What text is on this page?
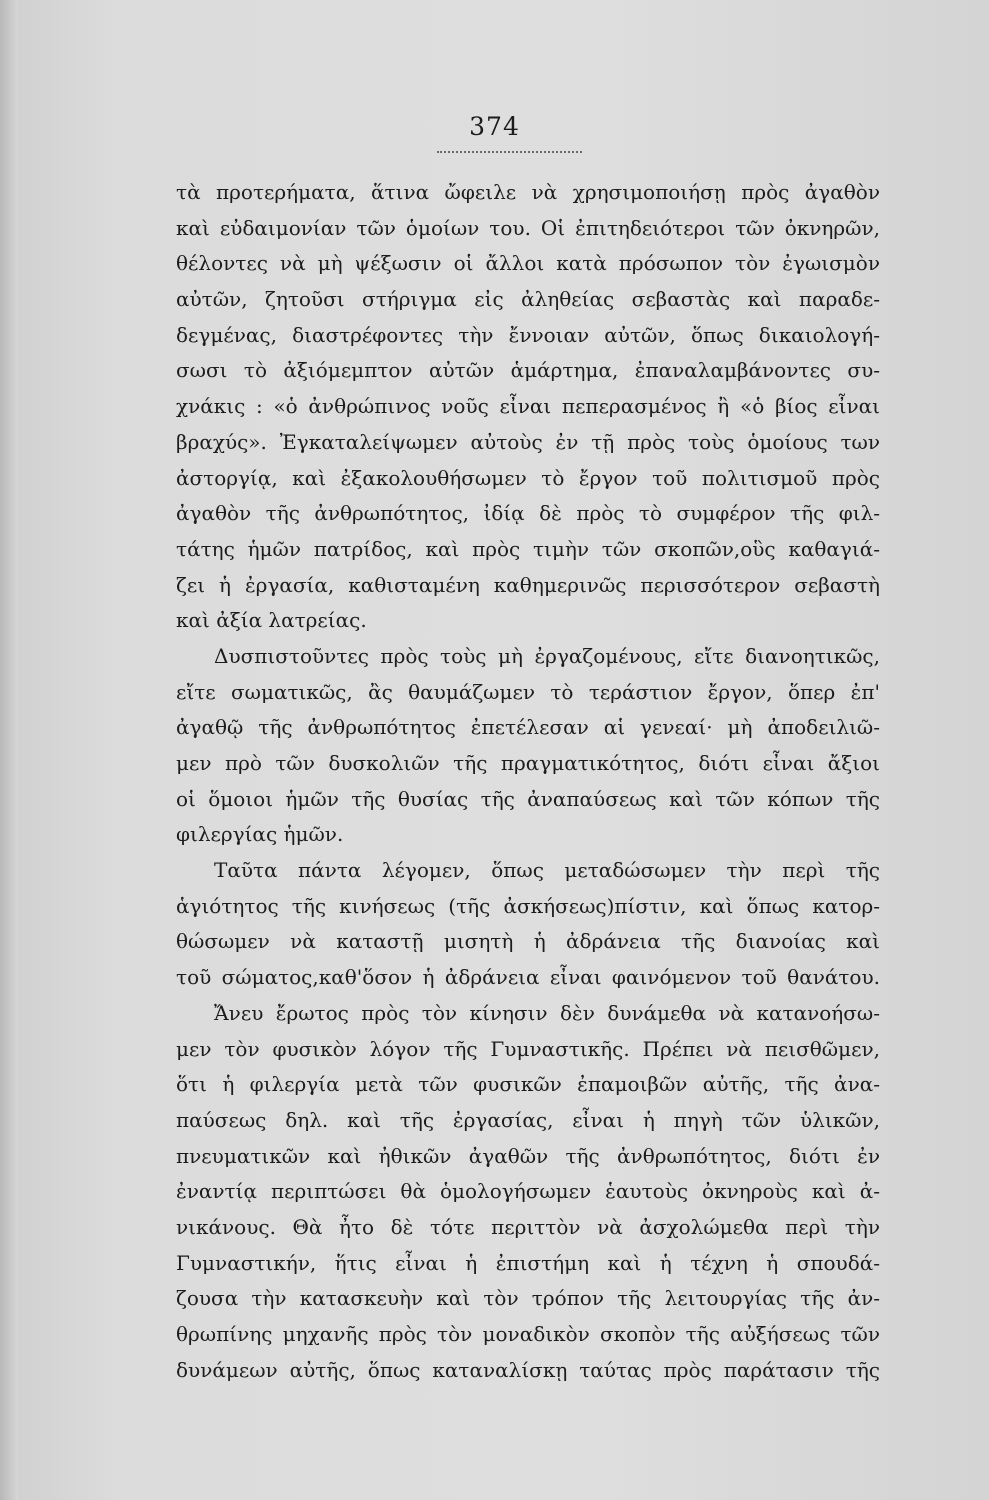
374
τὰ προτερήματα, ἅτινα ὤφειλε νὰ χρησιμοποιήσῃ πρὸς ἀγαθὸν
καὶ εὐδαιμονίαν τῶν ὁμοίων του. Οἱ ἐπιτηδειότεροι τῶν ὀκνηρῶν,
θέλοντες νὰ μὴ ψέξωσιν οἱ ἄλλοι κατὰ πρόσωπον τὸν ἐγωισμὸν
αὐτῶν, ζητοῦσι στήριγμα εἰς ἀληθείας σεβαστὰς καὶ παραδε-
δεγμένας, διαστρέφοντες τὴν ἔννοιαν αὐτῶν, ὅπως δικαιολογή-
σωσι τὸ ἀξιόμεμπτον αὐτῶν ἁμάρτημα, ἐπαναλαμβάνοντες συ-
χνάκις : «ὁ ἀνθρώπινος νοῦς εἶναι πεπερασμένος ἢ «ὁ βίος εἶναι
βραχύς». Ἐγκαταλείψωμεν αὐτοὺς ἐν τῇ πρὸς τοὺς ὁμοίους των
ἀστοργίᾳ, καὶ ἐξακολουθήσωμεν τὸ ἔργον τοῦ πολιτισμοῦ πρὸς
ἀγαθὸν τῆς ἀνθρωπότητος, ἰδίᾳ δὲ πρὸς τὸ συμφέρον τῆς φιλ-
τάτης ἡμῶν πατρίδος, καὶ πρὸς τιμὴν τῶν σκοπῶν,οὓς καθαγιά-
ζει ἡ ἐργασία, καθισταμένη καθημερινῶς περισσότερον σεβαστὴ
καὶ ἀξία λατρείας.
Δυσπιστοῦντες πρὸς τοὺς μὴ ἐργαζομένους, εἴτε διανοητικῶς,
εἴτε σωματικῶς, ἂς θαυμάζωμεν τὸ τεράστιον ἔργον, ὅπερ ἐπ'
ἀγαθῷ τῆς ἀνθρωπότητος ἐπετέλεσαν αἱ γενεαί· μὴ ἀποδειλιῶ-
μεν πρὸ τῶν δυσκολιῶν τῆς πραγματικότητος, διότι εἶναι ἄξιοι
οἱ ὅμοιοι ἡμῶν τῆς θυσίας τῆς ἀναπαύσεως καὶ τῶν κόπων τῆς
φιλεργίας ἡμῶν.
Ταῦτα πάντα λέγομεν, ὅπως μεταδώσωμεν τὴν περὶ τῆς
ἁγιότητος τῆς κινήσεως (τῆς ἀσκήσεως)πίστιν, καὶ ὅπως κατορ-
θώσωμεν νὰ καταστῇ μισητὴ ἡ ἀδράνεια τῆς διανοίας καὶ
τοῦ σώματος,καθ'ὅσον ἡ ἀδράνεια εἶναι φαινόμενον τοῦ θανάτου.
Ἄνευ ἔρωτος πρὸς τὸν κίνησιν δὲν δυνάμεθα νὰ κατανοήσω-
μεν τὸν φυσικὸν λόγον τῆς Γυμναστικῆς. Πρέπει νὰ πεισθῶμεν,
ὅτι ἡ φιλεργία μετὰ τῶν φυσικῶν ἐπαμοιβῶν αὐτῆς, τῆς ἀνα-
παύσεως δηλ. καὶ τῆς ἐργασίας, εἶναι ἡ πηγὴ τῶν ὑλικῶν,
πνευματικῶν καὶ ἠθικῶν ἀγαθῶν τῆς ἀνθρωπότητος, διότι ἐν
ἐναντίᾳ περιπτώσει θὰ ὁμολογήσωμεν ἑαυτοὺς ὀκνηροὺς καὶ ἀ-
νικάνους. Θὰ ἦτο δὲ τότε περιττὸν νὰ ἀσχολώμεθα περὶ τὴν
Γυμναστικήν, ἥτις εἶναι ἡ ἐπιστήμη καὶ ἡ τέχνη ἡ σπουδά-
ζουσα τὴν κατασκευὴν καὶ τὸν τρόπον τῆς λειτουργίας τῆς ἀν-
θρωπίνης μηχανῆς πρὸς τὸν μοναδικὸν σκοπὸν τῆς αὐξήσεως τῶν
δυνάμεων αὐτῆς, ὅπως καταναλίσκῃ ταύτας πρὸς παράτασιν τῆς
